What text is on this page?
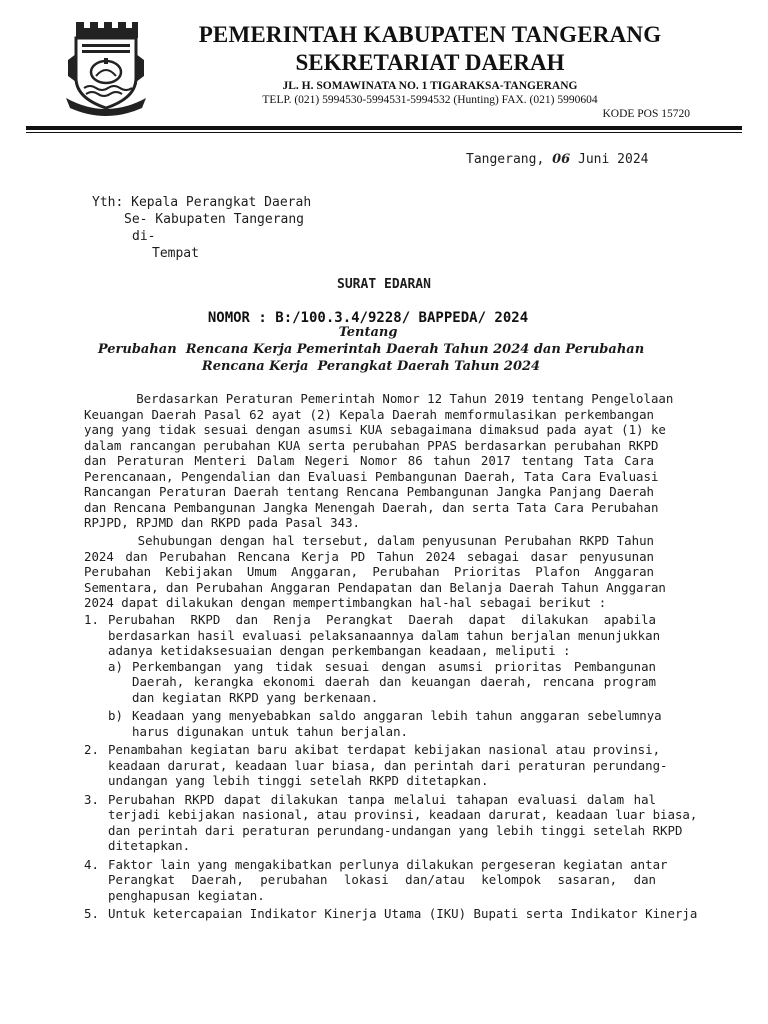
PEMERINTAH KABUPATEN TANGERANG
SEKRETARIAT DAERAH
JL. H. SOMAWINATA NO. 1 TIGARAKSA-TANGERANG
TELP. (021) 5994530-5994531-5994532 (Hunting) FAX. (021) 5990604
KODE POS 15720
Tangerang, 06 Juni 2024
Yth: Kepala Perangkat Daerah
Se- Kabupaten Tangerang
di-
Tempat
SURAT EDARAN
NOMOR : B:/100.3.4/9228/ BAPPEDA/ 2024
Tentang
Perubahan  Rencana Kerja Pemerintah Daerah Tahun 2024 dan Perubahan
Rencana Kerja  Perangkat Daerah Tahun 2024
Berdasarkan Peraturan Pemerintah Nomor 12 Tahun 2019 tentang Pengelolaan
Keuangan Daerah Pasal 62 ayat (2) Kepala Daerah memformulasikan perkembangan
yang yang tidak sesuai dengan asumsi KUA sebagaimana dimaksud pada ayat (1) ke
dalam rancangan perubahan KUA serta perubahan PPAS berdasarkan perubahan RKPD
dan Peraturan Menteri Dalam Negeri Nomor 86 tahun 2017 tentang Tata Cara
Perencanaan, Pengendalian dan Evaluasi Pembangunan Daerah, Tata Cara Evaluasi
Rancangan Peraturan Daerah tentang Rencana Pembangunan Jangka Panjang Daerah
dan Rencana Pembangunan Jangka Menengah Daerah, dan serta Tata Cara Perubahan
RPJPD, RPJMD dan RKPD pada Pasal 343.
Sehubungan dengan hal tersebut, dalam penyusunan Perubahan RKPD Tahun
2024 dan Perubahan Rencana Kerja PD Tahun 2024 sebagai dasar penyusunan
Perubahan Kebijakan Umum Anggaran, Perubahan Prioritas Plafon Anggaran
Sementara, dan Perubahan Anggaran Pendapatan dan Belanja Daerah Tahun Anggaran
2024 dapat dilakukan dengan mempertimbangkan hal-hal sebagai berikut :
1. Perubahan RKPD dan Renja Perangkat Daerah dapat dilakukan apabila
berdasarkan hasil evaluasi pelaksanaannya dalam tahun berjalan menunjukkan
adanya ketidaksesuaian dengan perkembangan keadaan, meliputi :
a) Perkembangan yang tidak sesuai dengan asumsi prioritas Pembangunan
Daerah, kerangka ekonomi daerah dan keuangan daerah, rencana program
dan kegiatan RKPD yang berkenaan.
b) Keadaan yang menyebabkan saldo anggaran lebih tahun anggaran sebelumnya
harus digunakan untuk tahun berjalan.
2. Penambahan kegiatan baru akibat terdapat kebijakan nasional atau provinsi,
keadaan darurat, keadaan luar biasa, dan perintah dari peraturan perundang-
undangan yang lebih tinggi setelah RKPD ditetapkan.
3. Perubahan RKPD dapat dilakukan tanpa melalui tahapan evaluasi dalam hal
terjadi kebijakan nasional, atau provinsi, keadaan darurat, keadaan luar biasa,
dan perintah dari peraturan perundang-undangan yang lebih tinggi setelah RKPD
ditetapkan.
4. Faktor lain yang mengakibatkan perlunya dilakukan pergeseran kegiatan antar
Perangkat Daerah, perubahan lokasi dan/atau kelompok sasaran, dan
penghapusan kegiatan.
5. Untuk ketercapaian Indikator Kinerja Utama (IKU) Bupati serta Indikator Kinerja
